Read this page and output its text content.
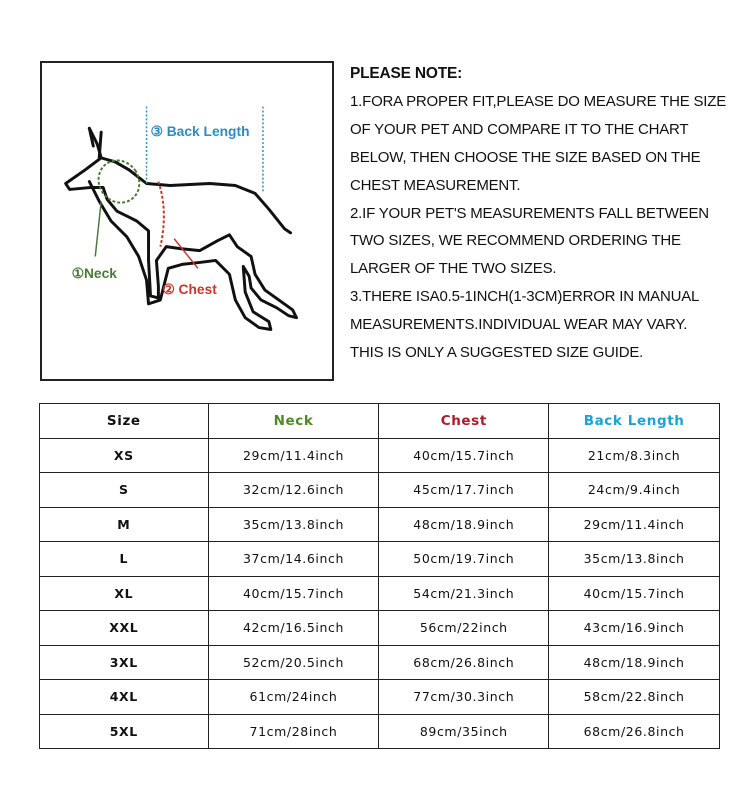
①Neck
② Chest
③ Back Length

PLEASE NOTE:

1.FORA PROPER FIT,PLEASE DO MEASURE THE SIZE

OF YOUR PET AND COMPARE IT TO THE CHART

BELOW, THEN CHOOSE THE SIZE BASED ON THE

CHEST MEASUREMENT.

2.IF YOUR PET'S MEASUREMENTS FALL BETWEEN

TWO SIZES, WE RECOMMEND ORDERING THE

LARGER OF THE TWO SIZES.

3.THERE ISA0.5-1INCH(1-3CM)ERROR IN MANUAL

MEASUREMENTS.INDIVIDUAL WEAR MAY VARY.

THIS IS ONLY A SUGGESTED SIZE GUIDE.

Size	Neck	Chest	Back Length
XS	29cm/11.4inch	40cm/15.7inch	21cm/8.3inch
S	32cm/12.6inch	45cm/17.7inch	24cm/9.4inch
M	35cm/13.8inch	48cm/18.9inch	29cm/11.4inch
L	37cm/14.6inch	50cm/19.7inch	35cm/13.8inch
XL	40cm/15.7inch	54cm/21.3inch	40cm/15.7inch
XXL	42cm/16.5inch	56cm/22inch	43cm/16.9inch
3XL	52cm/20.5inch	68cm/26.8inch	48cm/18.9inch
4XL	61cm/24inch	77cm/30.3inch	58cm/22.8inch
5XL	71cm/28inch	89cm/35inch	68cm/26.8inch
